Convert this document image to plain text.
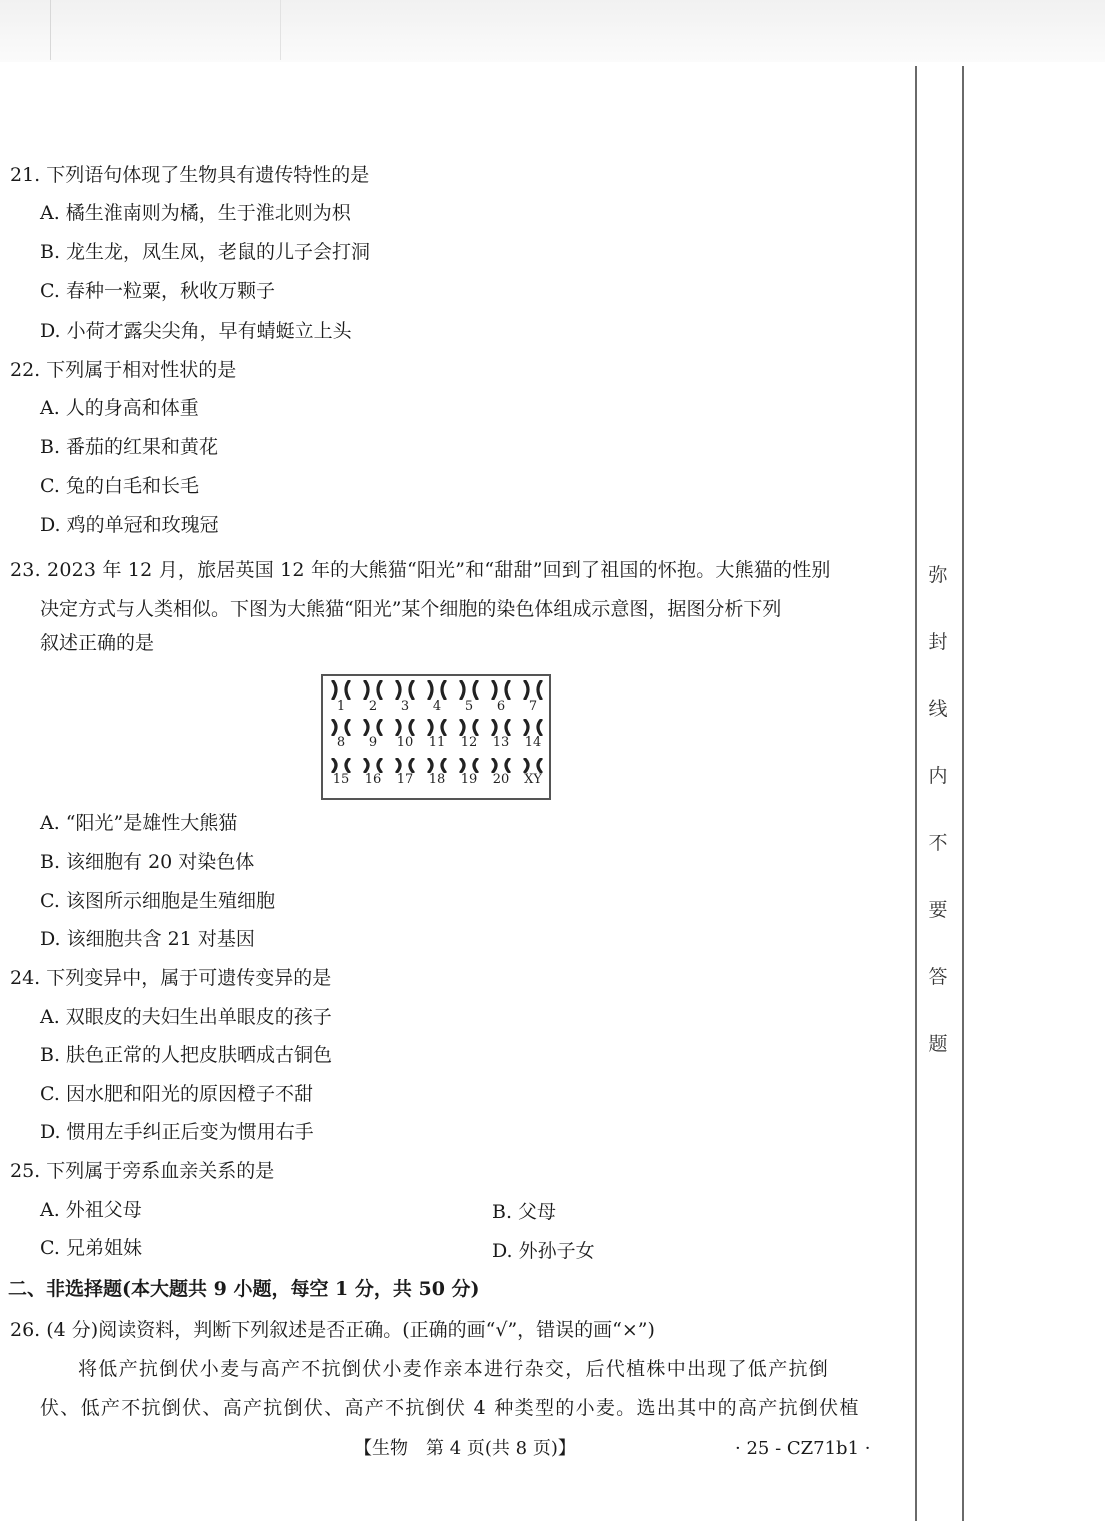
弥
封
线
内
不
要
答
题
21. 下列语句体现了生物具有遗传特性的是
A. 橘生淮南则为橘，生于淮北则为枳
B. 龙生龙，凤生凤，老鼠的儿子会打洞
C. 春种一粒粟，秋收万颗子
D. 小荷才露尖尖角，早有蜻蜓立上头
22. 下列属于相对性状的是
A. 人的身高和体重
B. 番茄的红果和黄花
C. 兔的白毛和长毛
D. 鸡的单冠和玫瑰冠
23. 2023 年 12 月，旅居英国 12 年的大熊猫“阳光”和“甜甜”回到了祖国的怀抱。大熊猫的性别
决定方式与人类相似。下图为大熊猫“阳光”某个细胞的染色体组成示意图，据图分析下列
叙述正确的是
1	2	3	4	5	6	7
8	9	10	11	12	13	14
15	16	17	18	19	20	XY
A. “阳光”是雄性大熊猫
B. 该细胞有 20 对染色体
C. 该图所示细胞是生殖细胞
D. 该细胞共含 21 对基因
24. 下列变异中，属于可遗传变异的是
A. 双眼皮的夫妇生出单眼皮的孩子
B. 肤色正常的人把皮肤晒成古铜色
C. 因水肥和阳光的原因橙子不甜
D. 惯用左手纠正后变为惯用右手
25. 下列属于旁系血亲关系的是
A. 外祖父母	B. 父母
C. 兄弟姐妹	D. 外孙子女
二、非选择题(本大题共 9 小题，每空 1 分，共 50 分)
26. (4 分)阅读资料，判断下列叙述是否正确。(正确的画“√”，错误的画“×”)
将低产抗倒伏小麦与高产不抗倒伏小麦作亲本进行杂交，后代植株中出现了低产抗倒
伏、低产不抗倒伏、高产抗倒伏、高产不抗倒伏 4 种类型的小麦。选出其中的高产抗倒伏植
【生物　第 4 页(共 8 页)】	· 25 - CZ71b1 ·
